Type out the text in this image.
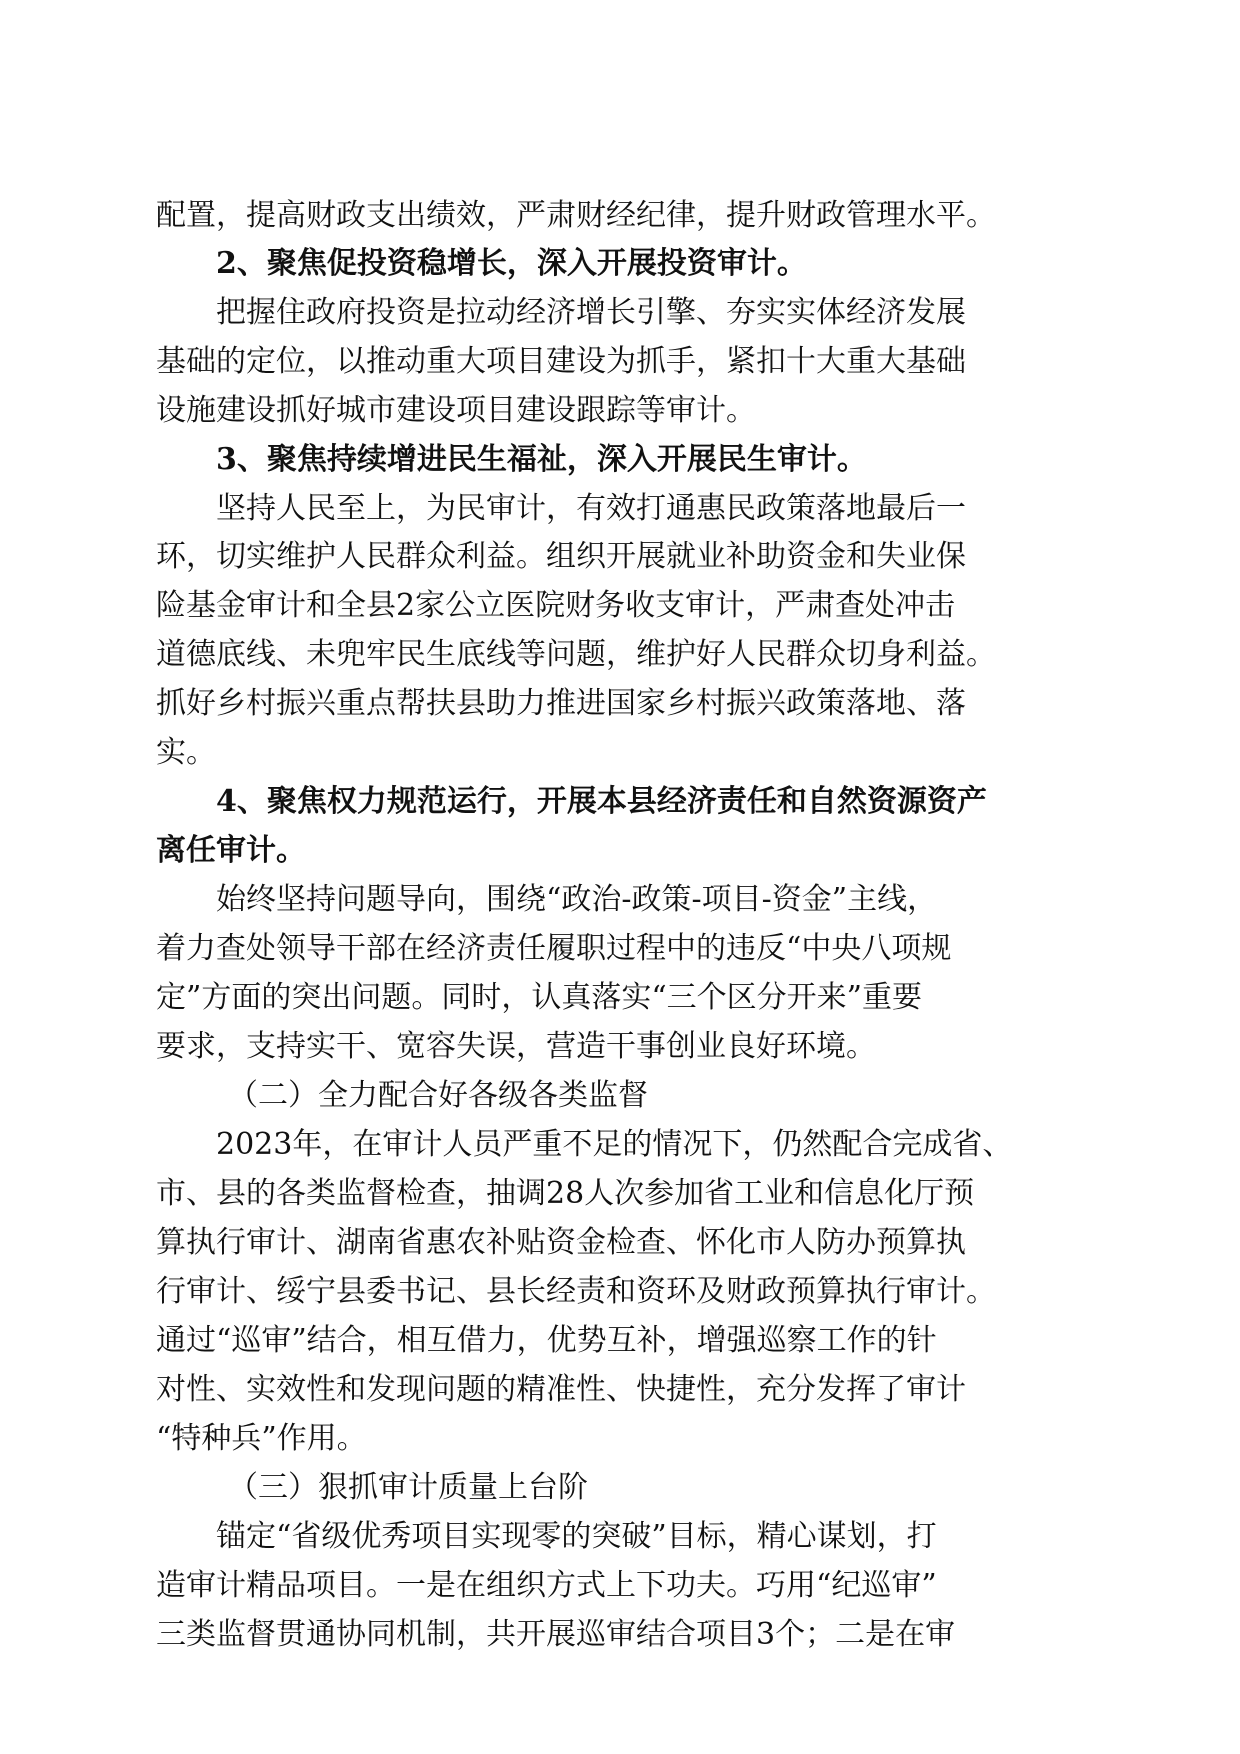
配置，提高财政支出绩效，严肃财经纪律，提升财政管理水平。
2、聚焦促投资稳增长，深入开展投资审计。
把握住政府投资是拉动经济增长引擎、夯实实体经济发展
基础的定位，以推动重大项目建设为抓手，紧扣十大重大基础
设施建设抓好城市建设项目建设跟踪等审计。
3、聚焦持续增进民生福祉，深入开展民生审计。
坚持人民至上，为民审计，有效打通惠民政策落地最后一
环，切实维护人民群众利益。组织开展就业补助资金和失业保
险基金审计和全县2家公立医院财务收支审计，严肃查处冲击
道德底线、未兜牢民生底线等问题，维护好人民群众切身利益。
抓好乡村振兴重点帮扶县助力推进国家乡村振兴政策落地、落
实。
4、聚焦权力规范运行，开展本县经济责任和自然资源资产
离任审计。
始终坚持问题导向，围绕“政治-政策-项目-资金”主线，
着力查处领导干部在经济责任履职过程中的违反“中央八项规
定”方面的突出问题。同时，认真落实“三个区分开来”重要
要求，支持实干、宽容失误，营造干事创业良好环境。
（二）全力配合好各级各类监督
2023年，在审计人员严重不足的情况下，仍然配合完成省、
市、县的各类监督检查，抽调28人次参加省工业和信息化厅预
算执行审计、湖南省惠农补贴资金检查、怀化市人防办预算执
行审计、绥宁县委书记、县长经责和资环及财政预算执行审计。
通过“巡审”结合，相互借力，优势互补，增强巡察工作的针
对性、实效性和发现问题的精准性、快捷性，充分发挥了审计
“特种兵”作用。
（三）狠抓审计质量上台阶
锚定“省级优秀项目实现零的突破”目标，精心谋划，打
造审计精品项目。一是在组织方式上下功夫。巧用“纪巡审”
三类监督贯通协同机制，共开展巡审结合项目3个；二是在审
